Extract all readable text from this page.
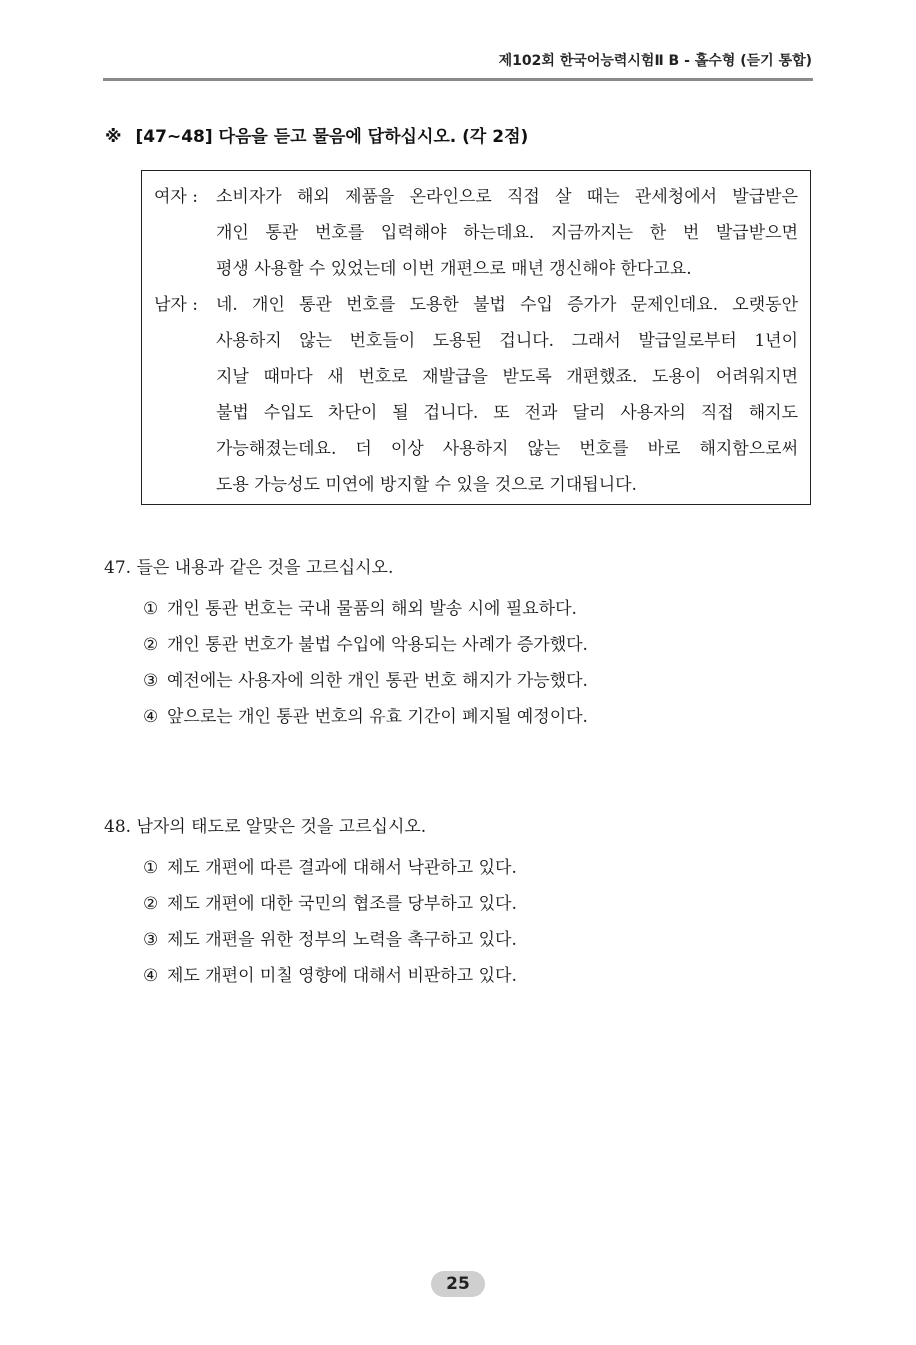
제102회 한국어능력시험Ⅱ B - 홀수형 (듣기 통합)
※ [47~48] 다음을 듣고 물음에 답하십시오. (각 2점)
여자 :	소비자가 해외 제품을 온라인으로 직접 살 때는 관세청에서 발급받은
개인 통관 번호를 입력해야 하는데요. 지금까지는 한 번 발급받으면
평생 사용할 수 있었는데 이번 개편으로 매년 갱신해야 한다고요.
남자 :	네. 개인 통관 번호를 도용한 불법 수입 증가가 문제인데요. 오랫동안
사용하지 않는 번호들이 도용된 겁니다. 그래서 발급일로부터 1년이
지날 때마다 새 번호로 재발급을 받도록 개편했죠. 도용이 어려워지면
불법 수입도 차단이 될 겁니다. 또 전과 달리 사용자의 직접 해지도
가능해졌는데요. 더 이상 사용하지 않는 번호를 바로 해지함으로써
도용 가능성도 미연에 방지할 수 있을 것으로 기대됩니다.
47. 들은 내용과 같은 것을 고르십시오.
① 개인 통관 번호는 국내 물품의 해외 발송 시에 필요하다.
② 개인 통관 번호가 불법 수입에 악용되는 사례가 증가했다.
③ 예전에는 사용자에 의한 개인 통관 번호 해지가 가능했다.
④ 앞으로는 개인 통관 번호의 유효 기간이 폐지될 예정이다.
48. 남자의 태도로 알맞은 것을 고르십시오.
① 제도 개편에 따른 결과에 대해서 낙관하고 있다.
② 제도 개편에 대한 국민의 협조를 당부하고 있다.
③ 제도 개편을 위한 정부의 노력을 촉구하고 있다.
④ 제도 개편이 미칠 영향에 대해서 비판하고 있다.
25
